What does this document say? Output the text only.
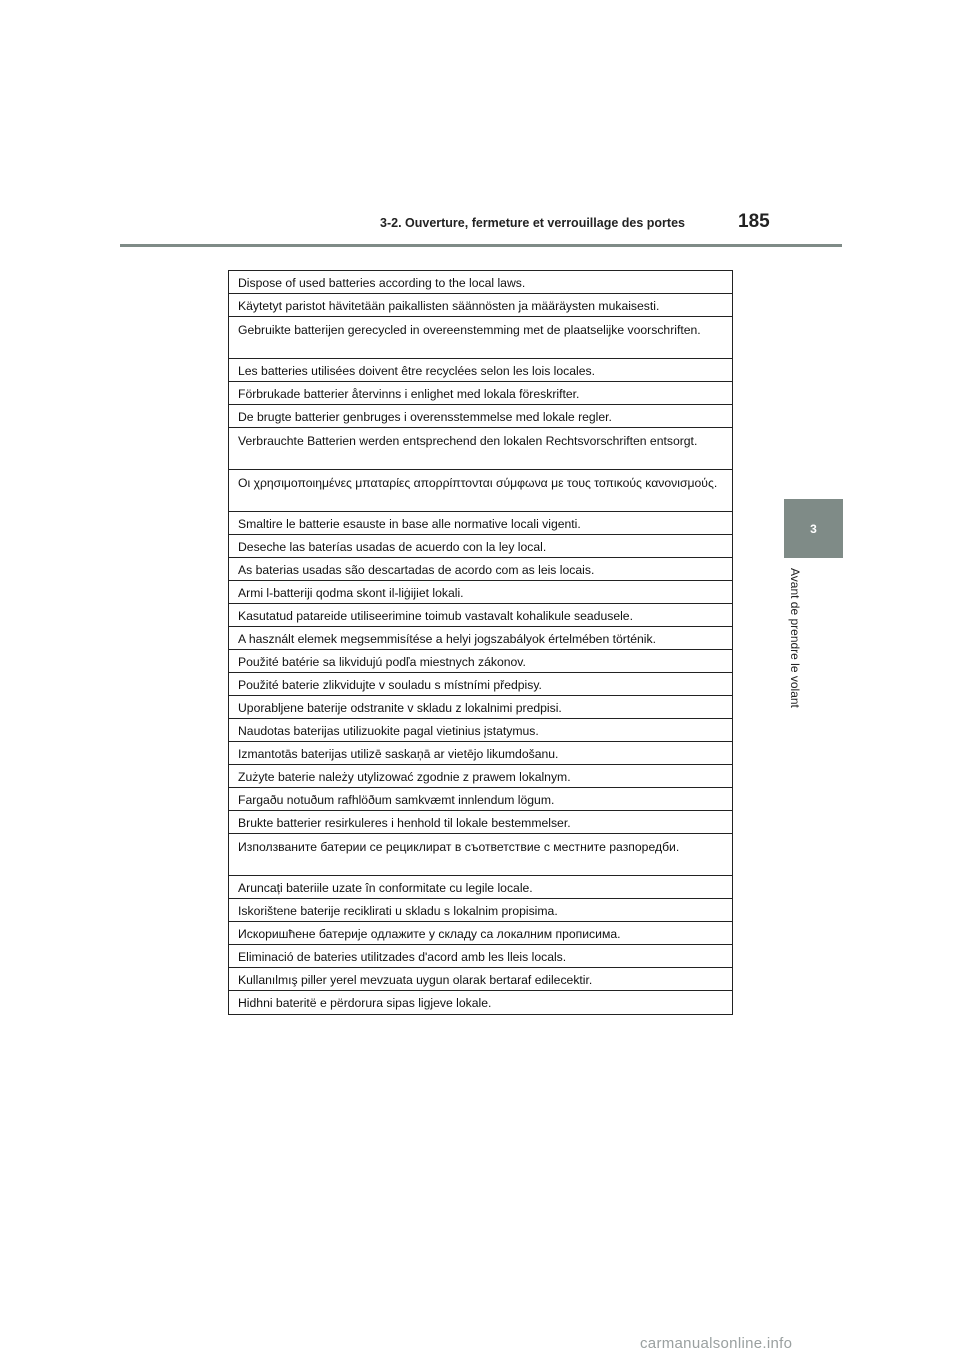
3-2. Ouverture, fermeture et verrouillage des portes	185
3
Avant de prendre le volant
Dispose of used batteries according to the local laws.
Käytetyt paristot hävitetään paikallisten säännösten ja määräysten mukaisesti.
Gebruikte batterijen gerecycled in overeenstemming met de plaatselijke voorschriften.
Les batteries utilisées doivent être recyclées selon les lois locales.
Förbrukade batterier återvinns i enlighet med lokala föreskrifter.
De brugte batterier genbruges i overensstemmelse med lokale regler.
Verbrauchte Batterien werden entsprechend den lokalen Rechtsvorschriften entsorgt.
Οι χρησιμοποιημένες μπαταρίες απορρίπτονται σύμφωνα με τους τοπικούς κανονισμούς.
Smaltire le batterie esauste in base alle normative locali vigenti.
Deseche las baterías usadas de acuerdo con la ley local.
As baterias usadas são descartadas de acordo com as leis locais.
Armi l-batteriji qodma skont il-liġijiet lokali.
Kasutatud patareide utiliseerimine toimub vastavalt kohalikule seadusele.
A használt elemek megsemmisítése a helyi jogszabályok értelmében történik.
Použité batérie sa likvidujú podľa miestnych zákonov.
Použité baterie zlikvidujte v souladu s místními předpisy.
Uporabljene baterije odstranite v skladu z lokalnimi predpisi.
Naudotas baterijas utilizuokite pagal vietinius įstatymus.
Izmantotās baterijas utilizē saskaņā ar vietējo likumdošanu.
Zużyte baterie należy utylizować zgodnie z prawem lokalnym.
Fargaðu notuðum rafhlöðum samkvæmt innlendum lögum.
Brukte batterier resirkuleres i henhold til lokale bestemmelser.
Използваните батерии се рециклират в съответствие с местните разпоредби.
Aruncați bateriile uzate în conformitate cu legile locale.
Iskorištene baterije reciklirati u skladu s lokalnim propisima.
Искоришћене батерије одлажите у складу са локалним прописима.
Eliminació de bateries utilitzades d'acord amb les lleis locals.
Kullanılmış piller yerel mevzuata uygun olarak bertaraf edilecektir.
Hidhni bateritë e përdorura sipas ligjeve lokale.
carmanualsonline.info
